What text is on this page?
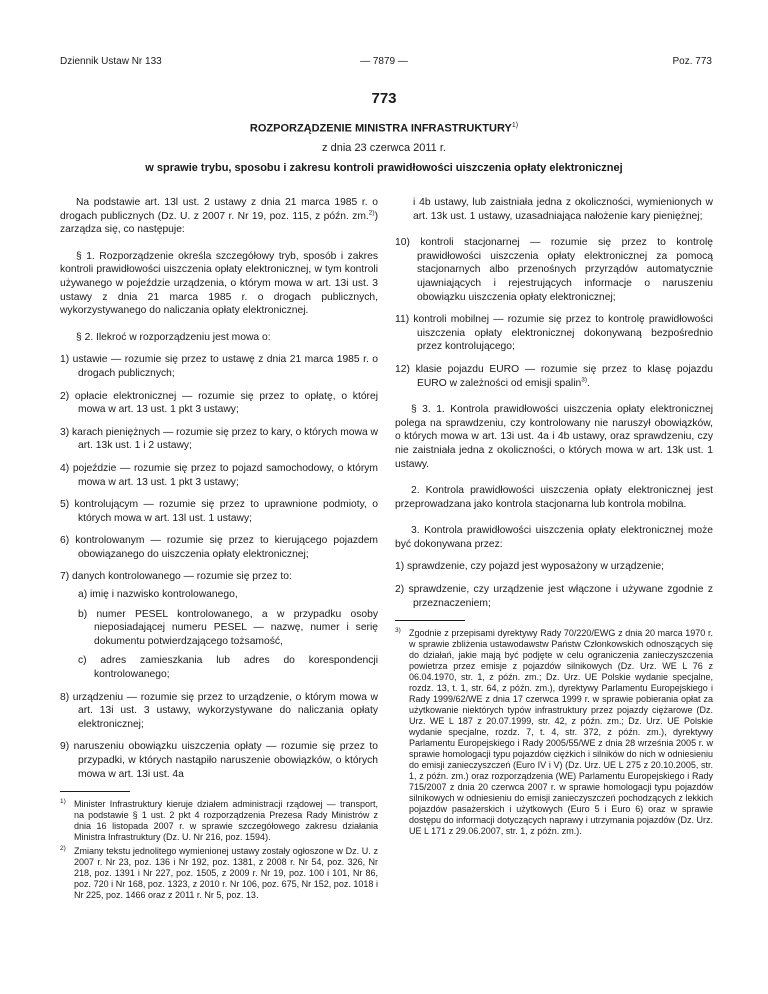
Dziennik Ustaw Nr 133	— 7879 —	Poz. 773
773
ROZPORZĄDZENIE MINISTRA INFRASTRUKTURY$^{1)}$
z dnia 23 czerwca 2011 r.
w sprawie trybu, sposobu i zakresu kontroli prawidłowości uiszczenia opłaty elektronicznej

Na podstawie art. 13l ust. 2 ustawy z dnia 21 marca 1985 r. o drogach publicznych (Dz. U. z 2007 r. Nr 19, poz. 115, z późn. zm.$^{2)}$) zarządza się, co następuje:

§ 1. Rozporządzenie określa szczegółowy tryb, sposób i zakres kontroli prawidłowości uiszczenia opłaty elektronicznej, w tym kontroli używanego w pojeździe urządzenia, o którym mowa w art. 13i ust. 3 ustawy z dnia 21 marca 1985 r. o drogach publicznych, wykorzystywanego do naliczania opłaty elektronicznej.

§ 2. Ilekroć w rozporządzeniu jest mowa o:

1) ustawie — rozumie się przez to ustawę z dnia 21 marca 1985 r. o drogach publicznych;

2) opłacie elektronicznej — rozumie się przez to opłatę, o której mowa w art. 13 ust. 1 pkt 3 ustawy;

3) karach pieniężnych — rozumie się przez to kary, o których mowa w art. 13k ust. 1 i 2 ustawy;

4) pojeździe — rozumie się przez to pojazd samochodowy, o którym mowa w art. 13 ust. 1 pkt 3 ustawy;

5) kontrolującym — rozumie się przez to uprawnione podmioty, o których mowa w art. 13l ust. 1 ustawy;

6) kontrolowanym — rozumie się przez to kierującego pojazdem obowiązanego do uiszczenia opłaty elektronicznej;

7) danych kontrolowanego — rozumie się przez to:

a) imię i nazwisko kontrolowanego,

b) numer PESEL kontrolowanego, a w przypadku osoby nieposiadającej numeru PESEL — nazwę, numer i serię dokumentu potwierdzającego tożsamość,

c) adres zamieszkania lub adres do korespondencji kontrolowanego;

8) urządzeniu — rozumie się przez to urządzenie, o którym mowa w art. 13i ust. 3 ustawy, wykorzystywane do naliczania opłaty elektronicznej;

9) naruszeniu obowiązku uiszczenia opłaty — rozumie się przez to przypadki, w których nastąpiło naruszenie obowiązków, o których mowa w art. 13i ust. 4a

$^{1)}$ Minister Infrastruktury kieruje działem administracji rządowej — transport, na podstawie § 1 ust. 2 pkt 4 rozporządzenia Prezesa Rady Ministrów z dnia 16 listopada 2007 r. w sprawie szczegółowego zakresu działania Ministra Infrastruktury (Dz. U. Nr 216, poz. 1594).

$^{2)}$ Zmiany tekstu jednolitego wymienionej ustawy zostały ogłoszone w Dz. U. z 2007 r. Nr 23, poz. 136 i Nr 192, poz. 1381, z 2008 r. Nr 54, poz. 326, Nr 218, poz. 1391 i Nr 227, poz. 1505, z 2009 r. Nr 19, poz. 100 i 101, Nr 86, poz. 720 i Nr 168, poz. 1323, z 2010 r. Nr 106, poz. 675, Nr 152, poz. 1018 i Nr 225, poz. 1466 oraz z 2011 r. Nr 5, poz. 13.

i 4b ustawy, lub zaistniała jedna z okoliczności, wymienionych w art. 13k ust. 1 ustawy, uzasadniająca nałożenie kary pieniężnej;

10) kontroli stacjonarnej — rozumie się przez to kontrolę prawidłowości uiszczenia opłaty elektronicznej za pomocą stacjonarnych albo przenośnych przyrządów automatycznie ujawniających i rejestrujących informacje o naruszeniu obowiązku uiszczenia opłaty elektronicznej;

11) kontroli mobilnej — rozumie się przez to kontrolę prawidłowości uiszczenia opłaty elektronicznej dokonywaną bezpośrednio przez kontrolującego;

12) klasie pojazdu EURO — rozumie się przez to klasę pojazdu EURO w zależności od emisji spalin$^{3)}$.

§ 3. 1. Kontrola prawidłowości uiszczenia opłaty elektronicznej polega na sprawdzeniu, czy kontrolowany nie naruszył obowiązków, o których mowa w art. 13i ust. 4a i 4b ustawy, oraz sprawdzeniu, czy nie zaistniała jedna z okoliczności, o których mowa w art. 13k ust. 1 ustawy.

2. Kontrola prawidłowości uiszczenia opłaty elektronicznej jest przeprowadzana jako kontrola stacjonarna lub kontrola mobilna.

3. Kontrola prawidłowości uiszczenia opłaty elektronicznej może być dokonywana przez:

1) sprawdzenie, czy pojazd jest wyposażony w urządzenie;

2) sprawdzenie, czy urządzenie jest włączone i używane zgodnie z przeznaczeniem;

$^{3)}$ Zgodnie z przepisami dyrektywy Rady 70/220/EWG z dnia 20 marca 1970 r. w sprawie zbliżenia ustawodawstw Państw Członkowskich odnoszących się do działań, jakie mają być podjęte w celu ograniczenia zanieczyszczenia powietrza przez emisje z pojazdów silnikowych (Dz. Urz. WE L 76 z 06.04.1970, str. 1, z późn. zm.; Dz. Urz. UE Polskie wydanie specjalne, rozdz. 13, t. 1, str. 64, z późn. zm.), dyrektywy Parlamentu Europejskiego i Rady 1999/62/WE z dnia 17 czerwca 1999 r. w sprawie pobierania opłat za użytkowanie niektórych typów infrastruktury przez pojazdy ciężarowe (Dz. Urz. WE L 187 z 20.07.1999, str. 42, z późn. zm.; Dz. Urz. UE Polskie wydanie specjalne, rozdz. 7, t. 4, str. 372, z późn. zm.), dyrektywy Parlamentu Europejskiego i Rady 2005/55/WE z dnia 28 września 2005 r. w sprawie homologacji typu pojazdów ciężkich i silników do nich w odniesieniu do emisji zanieczyszczeń (Euro IV i V) (Dz. Urz. UE L 275 z 20.10.2005, str. 1, z późn. zm.) oraz rozporządzenia (WE) Parlamentu Europejskiego i Rady 715/2007 z dnia 20 czerwca 2007 r. w sprawie homologacji typu pojazdów silnikowych w odniesieniu do emisji zanieczyszczeń pochodzących z lekkich pojazdów pasażerskich i użytkowych (Euro 5 i Euro 6) oraz w sprawie dostępu do informacji dotyczących naprawy i utrzymania pojazdów (Dz. Urz. UE L 171 z 29.06.2007, str. 1, z późn. zm.).
